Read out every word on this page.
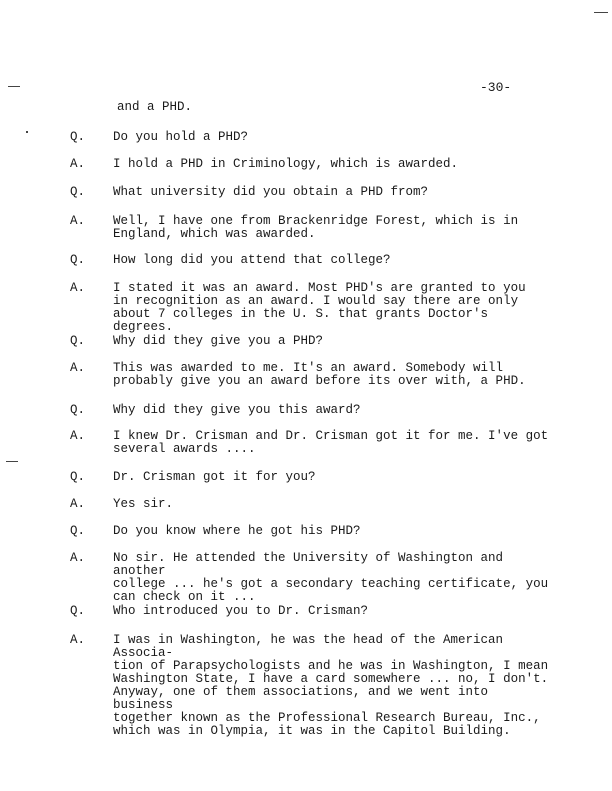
-30-
and a PHD.
Q.	Do you hold a PHD?
A.	I hold a PHD in Criminology, which is awarded.
Q.	What university did you obtain a PHD from?
A.	Well, I have one from Brackenridge Forest, which is in
England, which was awarded.
Q.	How long did you attend that college?
A.	I stated it was an award. Most PHD's are granted to you
in recognition as an award. I would say there are only
about 7 colleges in the U. S. that grants Doctor's degrees.
Q.	Why did they give you a PHD?
A.	This was awarded to me. It's an award. Somebody will
probably give you an award before its over with, a PHD.
Q.	Why did they give you this award?
A.	I knew Dr. Crisman and Dr. Crisman got it for me. I've got
several awards ....
Q.	Dr. Crisman got it for you?
A.	Yes sir.
Q.	Do you know where he got his PHD?
A.	No sir. He attended the University of Washington and another
college ... he's got a secondary teaching certificate, you
can check on it ...
Q.	Who introduced you to Dr. Crisman?
A.	I was in Washington, he was the head of the American Associa-
tion of Parapsychologists and he was in Washington, I mean
Washington State, I have a card somewhere ... no, I don't.
Anyway, one of them associations, and we went into business
together known as the Professional Research Bureau, Inc.,
which was in Olympia, it was in the Capitol Building.
